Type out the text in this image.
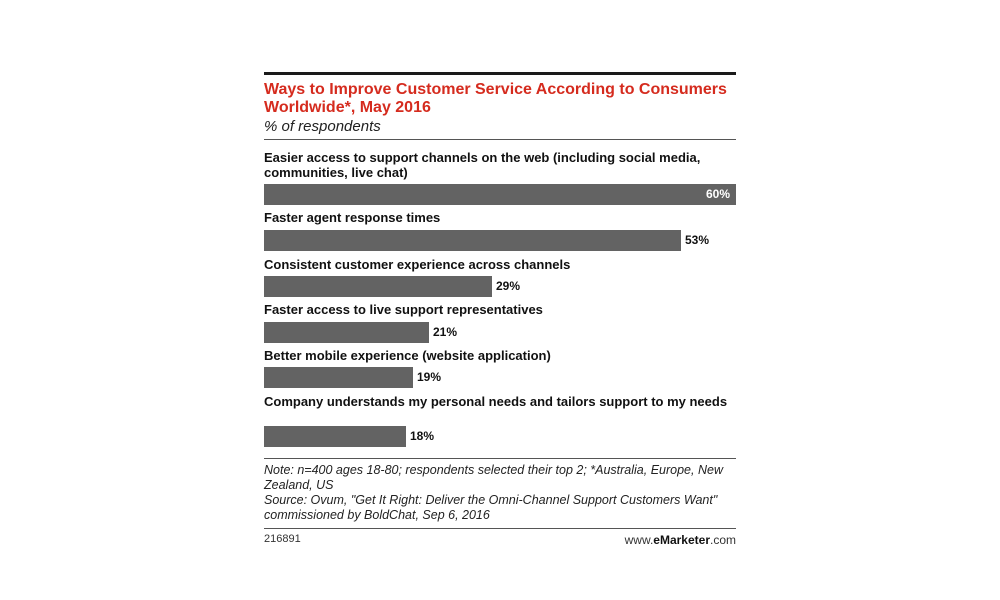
Ways to Improve Customer Service According to Consumers Worldwide*, May 2016
% of respondents
Easier access to support channels on the web (including social media, communities, live chat)
60%
Faster agent response times
53%
Consistent customer experience across channels
29%
Faster access to live support representatives
21%
Better mobile experience (website application)
19%
Company understands my personal needs and tailors support to my needs
18%
Note: n=400 ages 18-80; respondents selected their top 2; *Australia, Europe, New Zealand, US
Source: Ovum, "Get It Right: Deliver the Omni-Channel Support Customers Want" commissioned by BoldChat, Sep 6, 2016
216891	www.eMarketer.com
